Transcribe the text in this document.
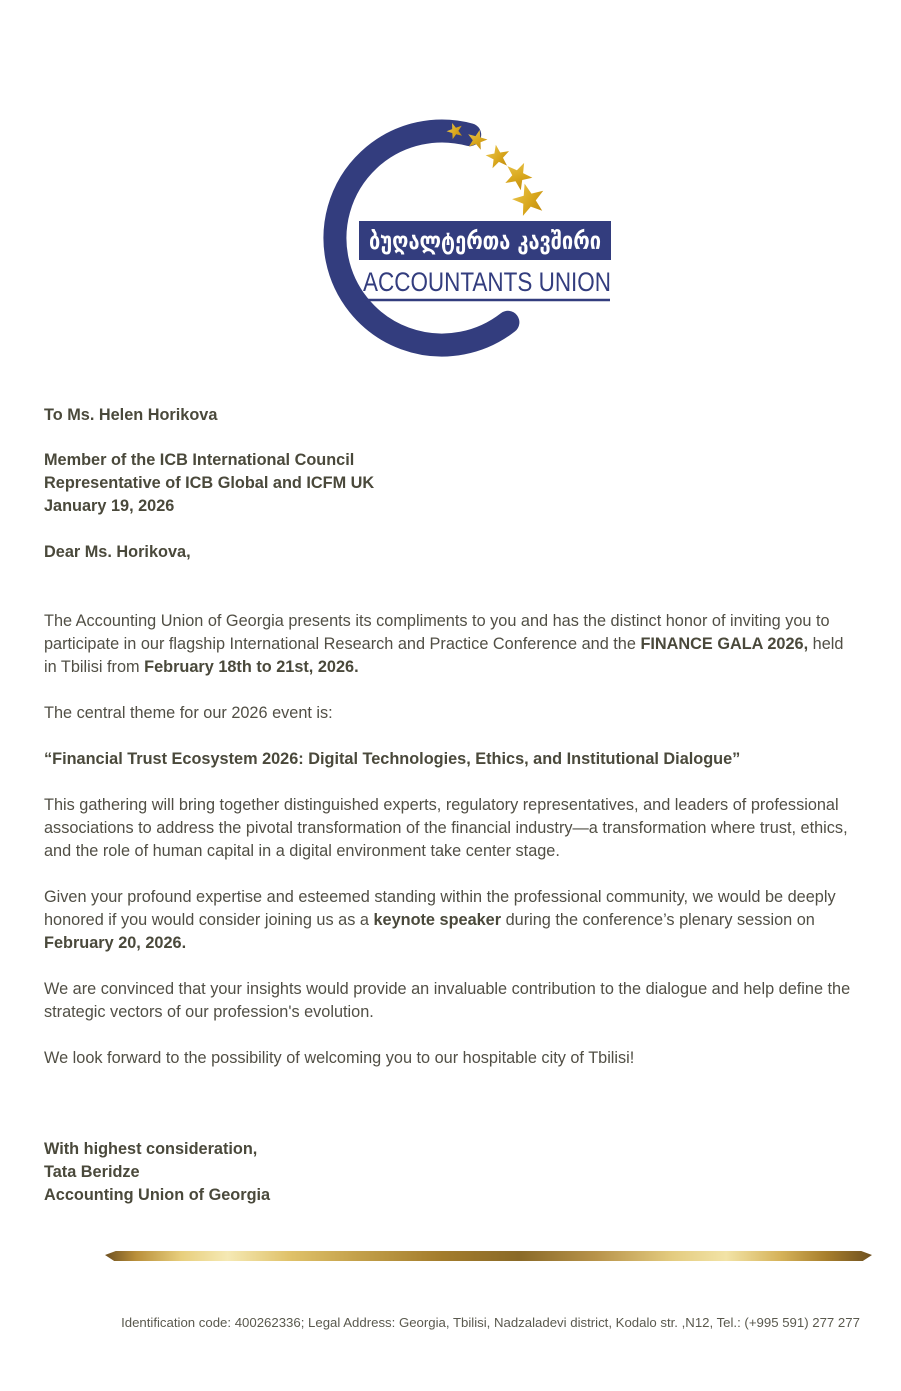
ბუღალტერთა კავშირი
ACCOUNTANTS UNION
To Ms. Helen Horikova
Member of the ICB International Council
Representative of ICB Global and ICFM UK
January 19, 2026
Dear Ms. Horikova,

The Accounting Union of Georgia presents its compliments to you and has the distinct honor of inviting you to participate in our flagship International Research and Practice Conference and the FINANCE GALA 2026, held in Tbilisi from February 18th to 21st, 2026.

The central theme for our 2026 event is:

“Financial Trust Ecosystem 2026: Digital Technologies, Ethics, and Institutional Dialogue”

This gathering will bring together distinguished experts, regulatory representatives, and leaders of professional associations to address the pivotal transformation of the financial industry—a transformation where trust, ethics, and the role of human capital in a digital environment take center stage.

Given your profound expertise and esteemed standing within the professional community, we would be deeply honored if you would consider joining us as a keynote speaker during the conference’s plenary session on
February 20, 2026.

We are convinced that your insights would provide an invaluable contribution to the dialogue and help define the strategic vectors of our profession's evolution.

We look forward to the possibility of welcoming you to our hospitable city of Tbilisi!

With highest consideration,
Tata Beridze
Accounting Union of Georgia
Identification code: 400262336; Legal Address: Georgia, Tbilisi, Nadzaladevi district, Kodalo str. ,N12, Tel.: (+995 591) 277 277
